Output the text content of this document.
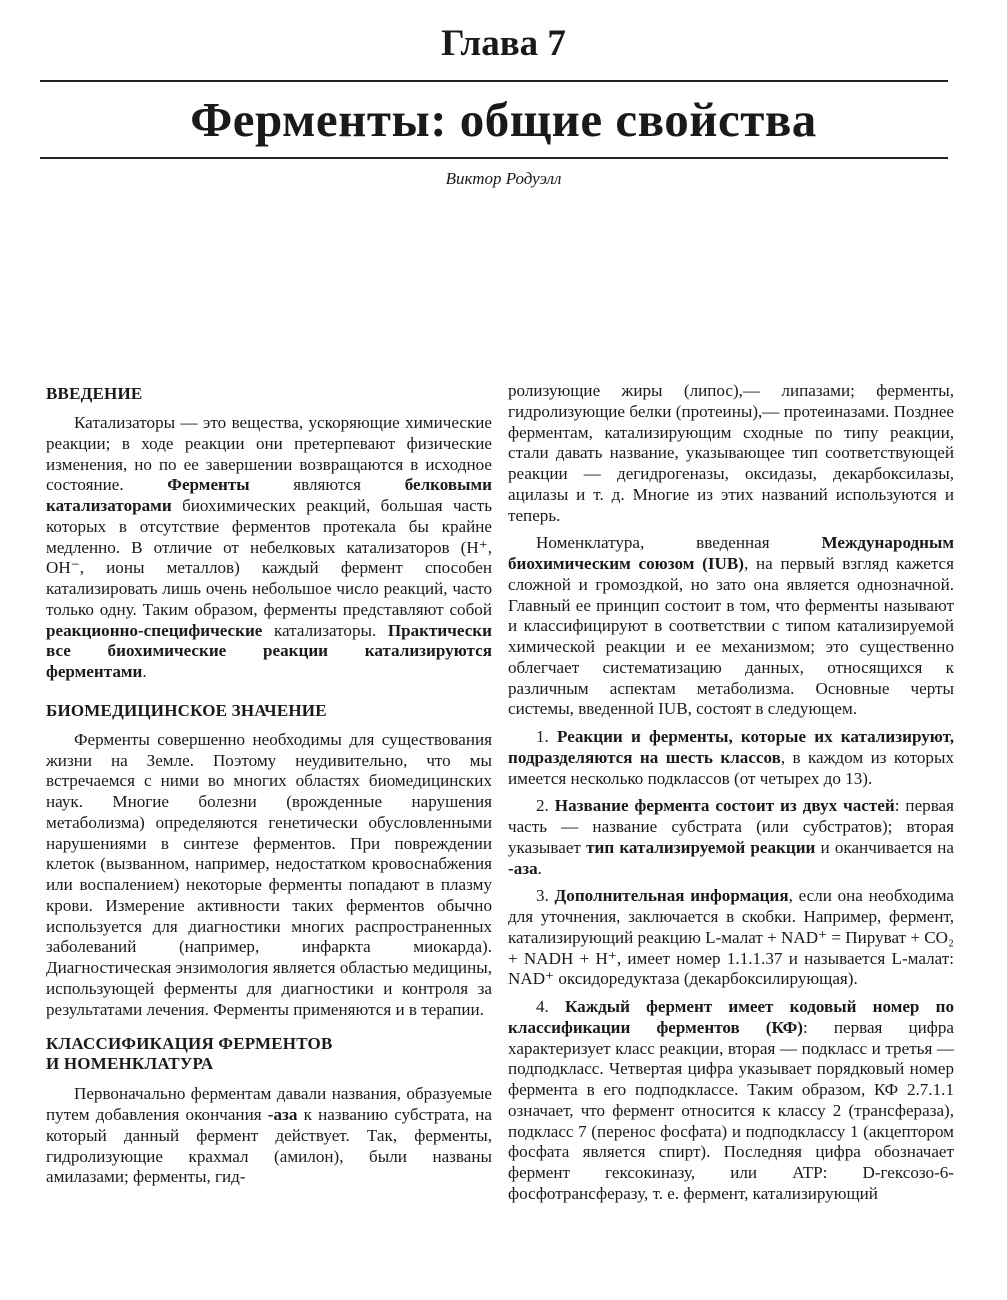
Глава 7
Ферменты: общие свойства
Виктор Родуэлл
ВВЕДЕНИЕ

Катализаторы — это вещества, ускоряющие химические реакции; в ходе реакции они претерпевают физические изменения, но по ее завершении возвращаются в исходное состояние. Ферменты являются белковыми катализаторами биохимических реакций, большая часть которых в отсутствие ферментов протекала бы крайне медленно. В отличие от небелковых катализаторов (H⁺, OH⁻, ионы металлов) каждый фермент способен катализировать лишь очень небольшое число реакций, часто только одну. Таким образом, ферменты представляют собой реакционно-специфические катализаторы. Практически все биохимические реакции катализируются ферментами.

БИОМЕДИЦИНСКОЕ ЗНАЧЕНИЕ

Ферменты совершенно необходимы для существования жизни на Земле. Поэтому неудивительно, что мы встречаемся с ними во многих областях биомедицинских наук. Многие болезни (врожденные нарушения метаболизма) определяются генетически обусловленными нарушениями в синтезе ферментов. При повреждении клеток (вызванном, например, недостатком кровоснабжения или воспалением) некоторые ферменты попадают в плазму крови. Измерение активности таких ферментов обычно используется для диагностики многих распространенных заболеваний (например, инфаркта миокарда). Диагностическая энзимология является областью медицины, использующей ферменты для диагностики и контроля за результатами лечения. Ферменты применяются и в терапии.

КЛАССИФИКАЦИЯ ФЕРМЕНТОВ
И НОМЕНКЛАТУРА

Первоначально ферментам давали названия, образуемые путем добавления окончания -аза к названию субстрата, на который данный фермент действует. Так, ферменты, гидролизующие крахмал (амилон), были названы амилазами; ферменты, гид-

ролизующие жиры (липос),— липазами; ферменты, гидролизующие белки (протеины),— протеиназами. Позднее ферментам, катализирующим сходные по типу реакции, стали давать название, указывающее тип соответствующей реакции — дегидрогеназы, оксидазы, декарбоксилазы, ацилазы и т. д. Многие из этих названий используются и теперь.

Номенклатура, введенная Международным биохимическим союзом (IUB), на первый взгляд кажется сложной и громоздкой, но зато она является однозначной. Главный ее принцип состоит в том, что ферменты называют и классифицируют в соответствии с типом катализируемой химической реакции и ее механизмом; это существенно облегчает систематизацию данных, относящихся к различным аспектам метаболизма. Основные черты системы, введенной IUB, состоят в следующем.

1. Реакции и ферменты, которые их катализируют, подразделяются на шесть классов, в каждом из которых имеется несколько подклассов (от четырех до 13).

2. Название фермента состоит из двух частей: первая часть — название субстрата (или субстратов); вторая указывает тип катализируемой реакции и оканчивается на -аза.

3. Дополнительная информация, если она необходима для уточнения, заключается в скобки. Например, фермент, катализирующий реакцию L-малат + NAD⁺ = Пируват + CO₂ + NADH + H⁺, имеет номер 1.1.1.37 и называется L-малат: NAD⁺ оксидоредуктаза (декарбоксилирующая).

4. Каждый фермент имеет кодовый номер по классификации ферментов (КФ): первая цифра характеризует класс реакции, вторая — подкласс и третья — подподкласс. Четвертая цифра указывает порядковый номер фермента в его подподклассе. Таким образом, КФ 2.7.1.1 означает, что фермент относится к классу 2 (трансфераза), подкласс 7 (перенос фосфата) и подподклассу 1 (акцептором фосфата является спирт). Последняя цифра обозначает фермент гексокиназу, или ATP: D-гексозо-6-фосфотрансферазу, т. е. фермент, катализирующий
